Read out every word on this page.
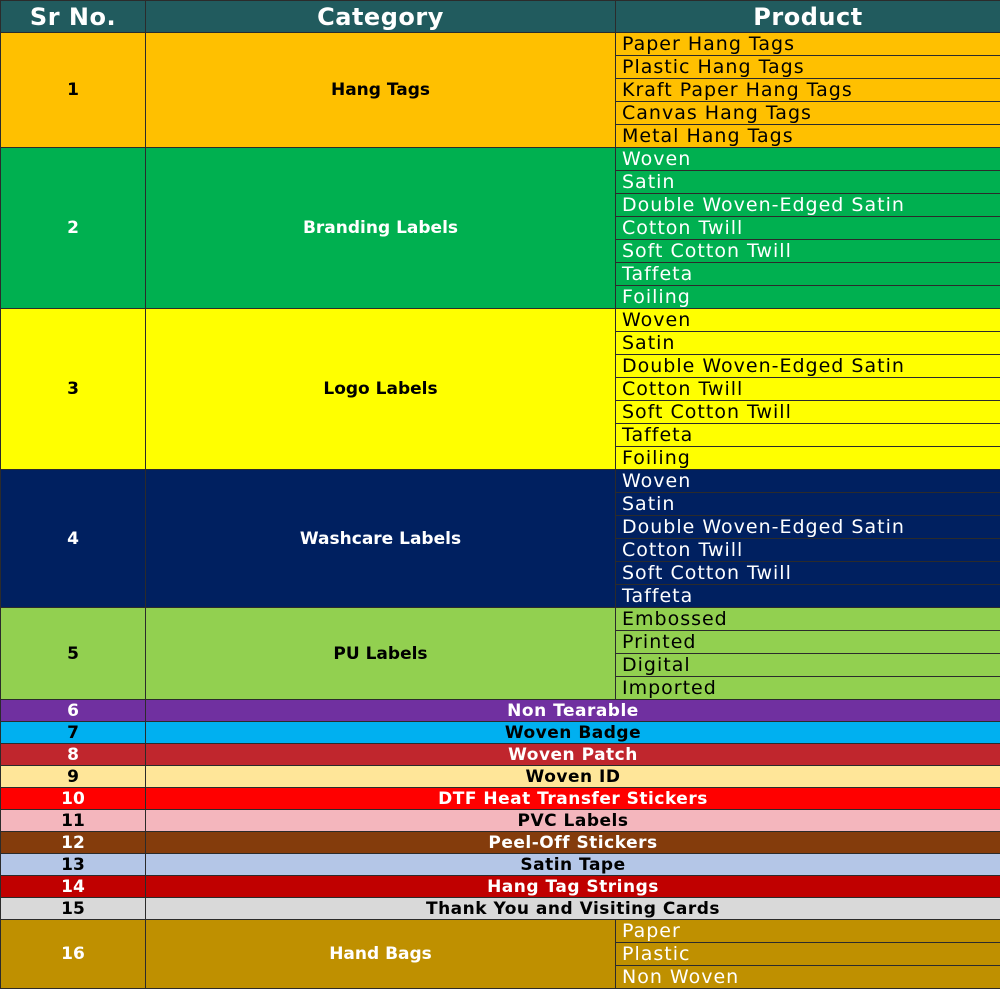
Sr No.	Category	Product
1	Hang Tags	Paper Hang Tags
		Plastic Hang Tags
		Kraft Paper Hang Tags
		Canvas Hang Tags
		Metal Hang Tags
2	Branding Labels	Woven
		Satin
		Double Woven-Edged Satin
		Cotton Twill
		Soft Cotton Twill
		Taffeta
		Foiling
3	Logo Labels	Woven
		Satin
		Double Woven-Edged Satin
		Cotton Twill
		Soft Cotton Twill
		Taffeta
		Foiling
4	Washcare Labels	Woven
		Satin
		Double Woven-Edged Satin
		Cotton Twill
		Soft Cotton Twill
		Taffeta
5	PU Labels	Embossed
		Printed
		Digital
		Imported
6	Non Tearable	
7	Woven Badge	
8	Woven Patch	
9	Woven ID	
10	DTF Heat Transfer Stickers	
11	PVC Labels	
12	Peel-Off Stickers	
13	Satin Tape	
14	Hang Tag Strings	
15	Thank You and Visiting Cards	
16	Hand Bags	Paper
		Plastic
		Non Woven
